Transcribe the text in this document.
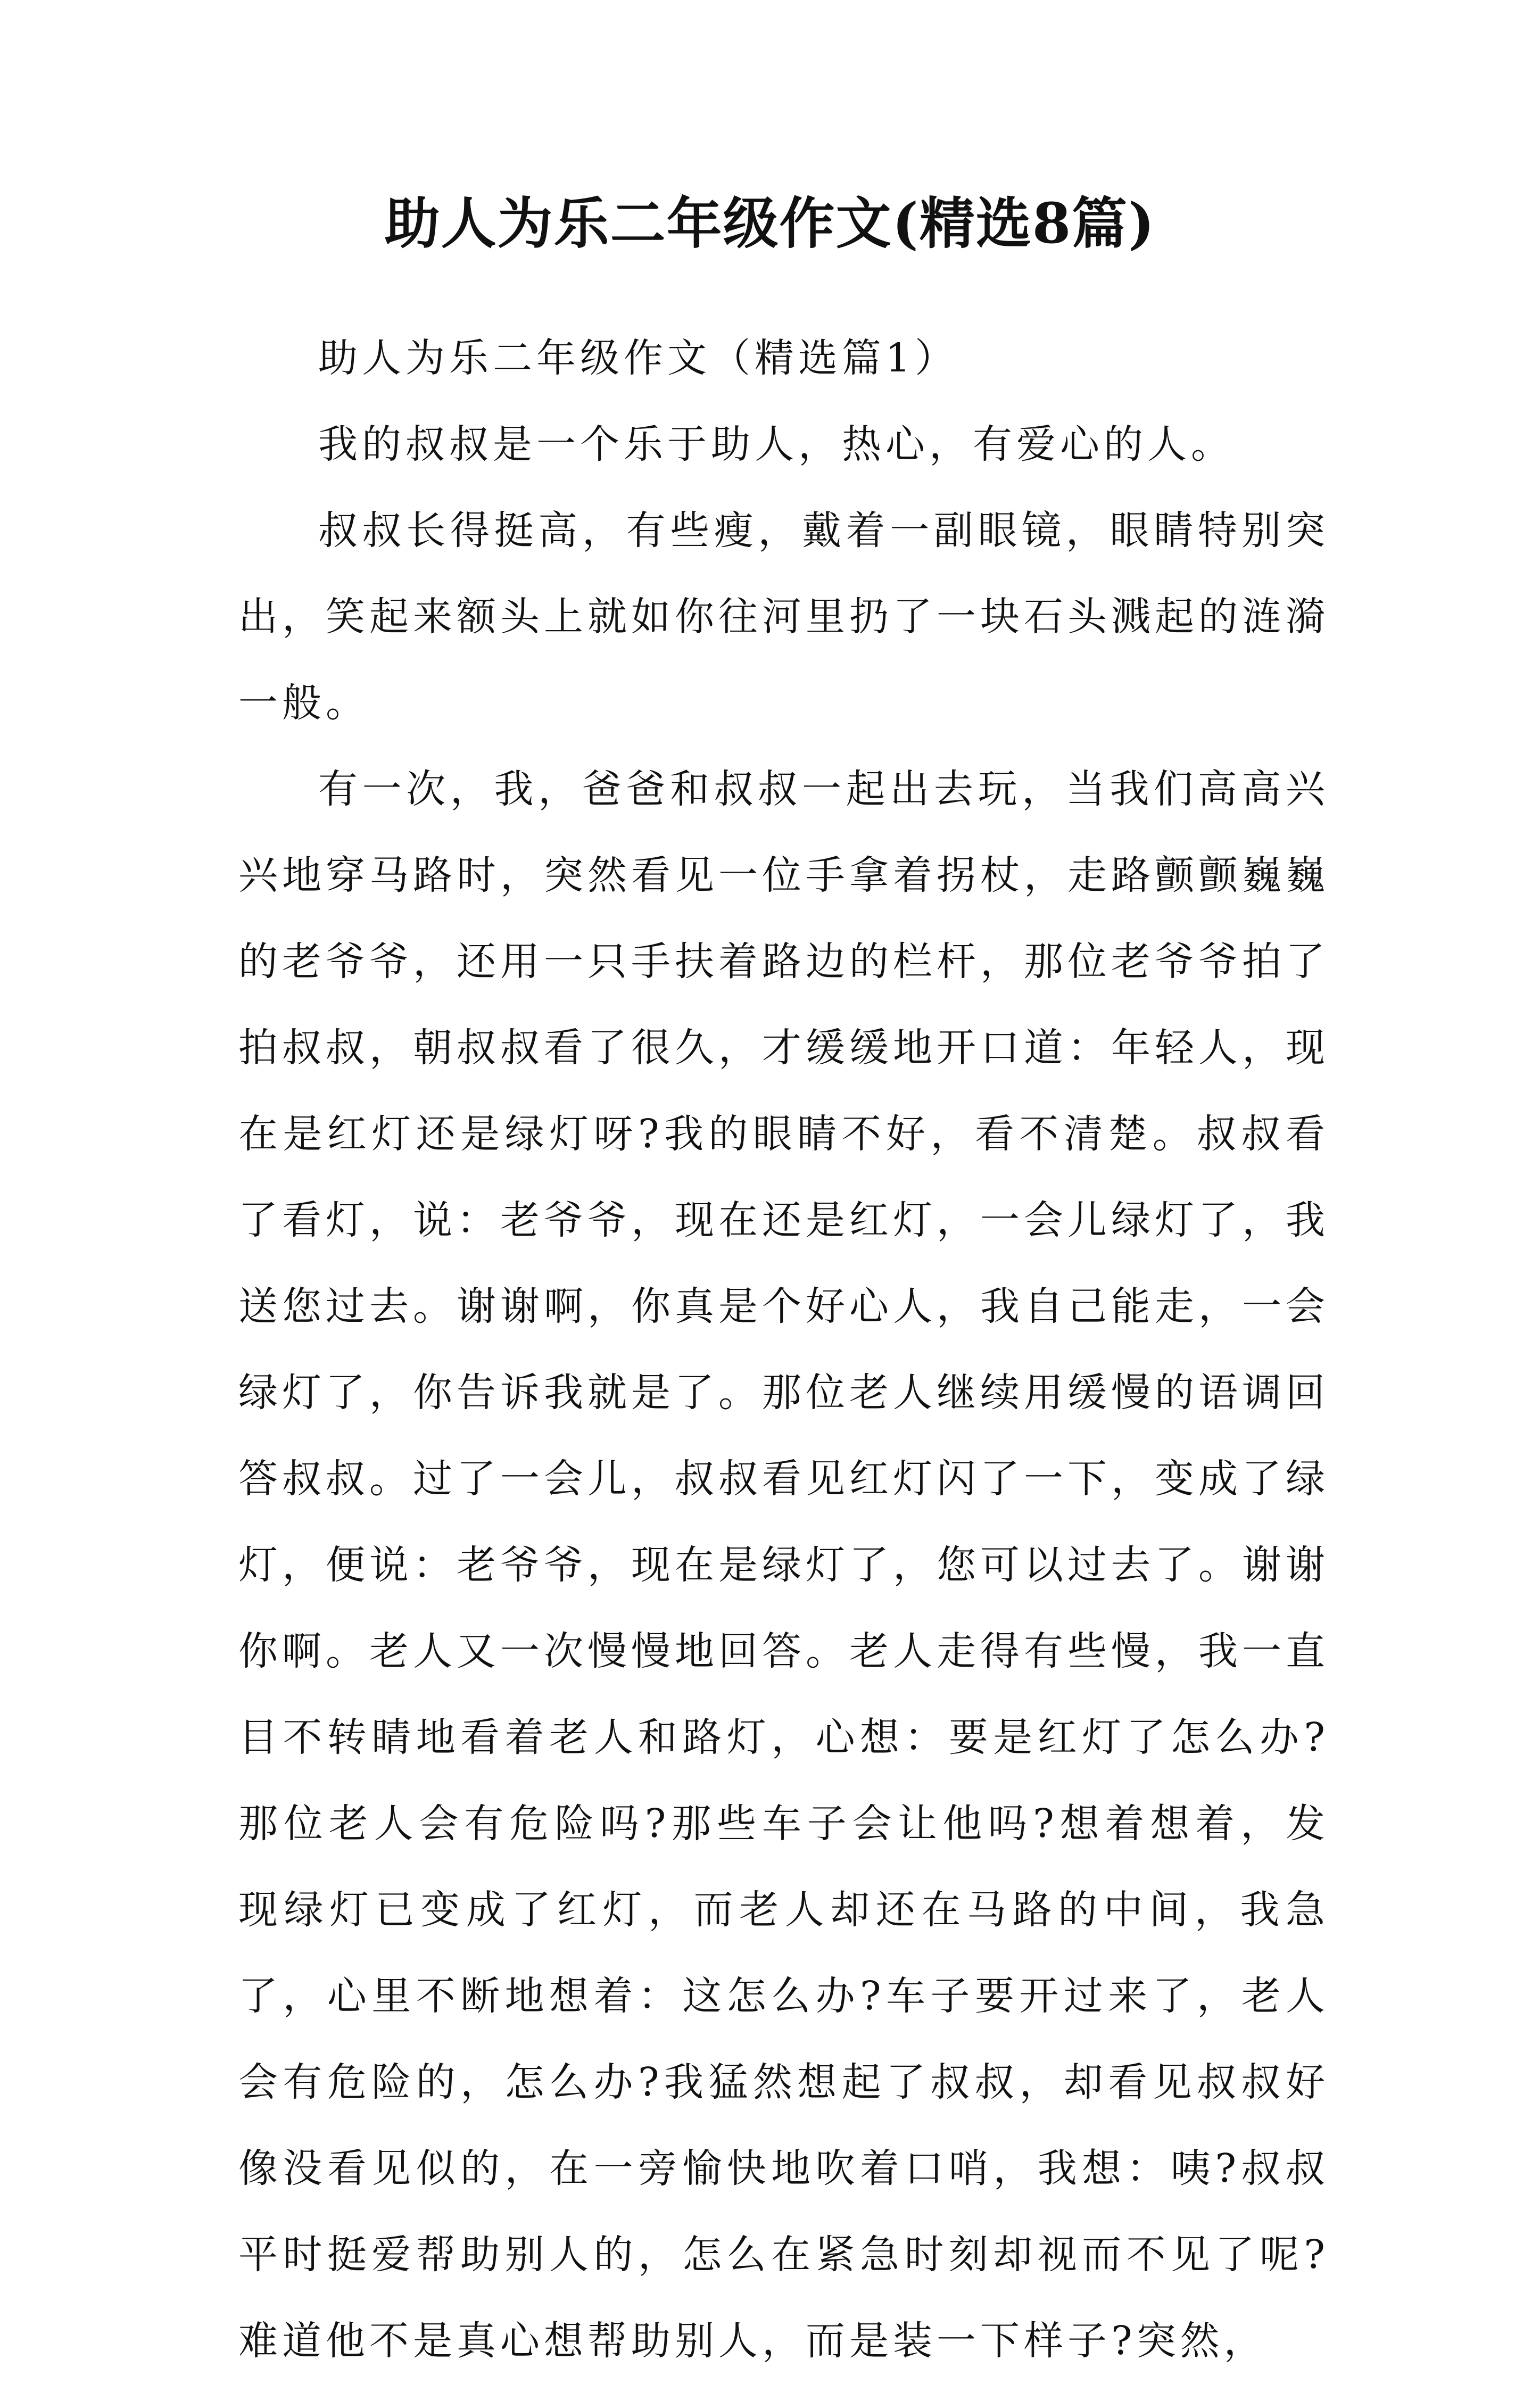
助人为乐二年级作文(精选8篇)

助人为乐二年级作文（精选篇1）

我的叔叔是一个乐于助人，热心，有爱心的人。

叔叔长得挺高，有些瘦，戴着一副眼镜，眼睛特别突出，笑起来额头上就如你往河里扔了一块石头溅起的涟漪一般。

有一次，我，爸爸和叔叔一起出去玩，当我们高高兴兴地穿马路时，突然看见一位手拿着拐杖，走路颤颤巍巍的老爷爷，还用一只手扶着路边的栏杆，那位老爷爷拍了拍叔叔，朝叔叔看了很久，才缓缓地开口道：年轻人，现在是红灯还是绿灯呀?我的眼睛不好，看不清楚。叔叔看了看灯，说：老爷爷，现在还是红灯，一会儿绿灯了，我送您过去。谢谢啊，你真是个好心人，我自己能走，一会绿灯了，你告诉我就是了。那位老人继续用缓慢的语调回答叔叔。过了一会儿，叔叔看见红灯闪了一下，变成了绿灯，便说：老爷爷，现在是绿灯了，您可以过去了。谢谢你啊。老人又一次慢慢地回答。老人走得有些慢，我一直目不转睛地看着老人和路灯，心想：要是红灯了怎么办?那位老人会有危险吗?那些车子会让他吗?想着想着，发现绿灯已变成了红灯，而老人却还在马路的中间，我急了，心里不断地想着：这怎么办?车子要开过来了，老人会有危险的，怎么办?我猛然想起了叔叔，却看见叔叔好像没看见似的，在一旁愉快地吹着口哨，我想：咦?叔叔平时挺爱帮助别人的，怎么在紧急时刻却视而不见了呢?难道他不是真心想帮助别人，而是装一下样子?突然，
